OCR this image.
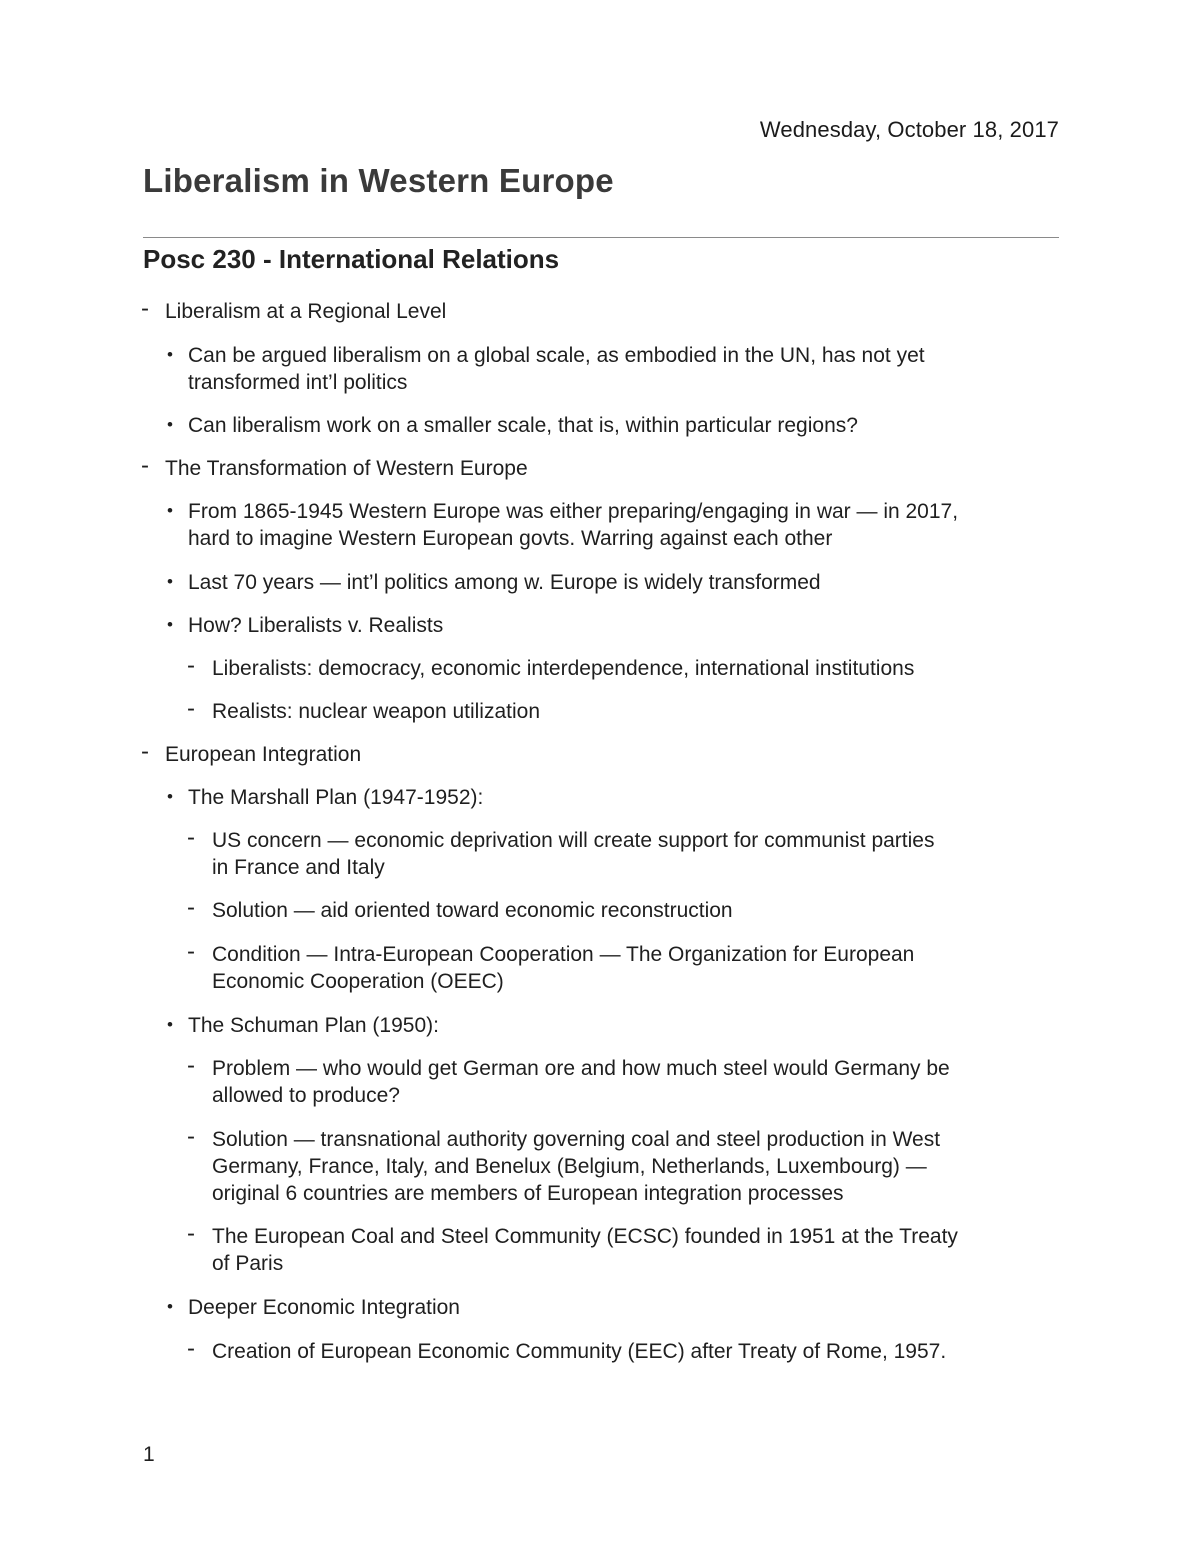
Wednesday, October 18, 2017
Liberalism in Western Europe
Posc 230 - International Relations
- Liberalism at a Regional Level
• Can be argued liberalism on a global scale, as embodied in the UN, has not yet
transformed int’l politics
• Can liberalism work on a smaller scale, that is, within particular regions?
- The Transformation of Western Europe
• From 1865-1945 Western Europe was either preparing/engaging in war — in 2017,
hard to imagine Western European govts. Warring against each other
• Last 70 years — int’l politics among w. Europe is widely transformed
• How? Liberalists v. Realists
- Liberalists: democracy, economic interdependence, international institutions
- Realists: nuclear weapon utilization
- European Integration
• The Marshall Plan (1947-1952):
- US concern — economic deprivation will create support for communist parties
in France and Italy
- Solution — aid oriented toward economic reconstruction
- Condition — Intra-European Cooperation — The Organization for European
Economic Cooperation (OEEC)
• The Schuman Plan (1950):
- Problem — who would get German ore and how much steel would Germany be
allowed to produce?
- Solution — transnational authority governing coal and steel production in West
Germany, France, Italy, and Benelux (Belgium, Netherlands, Luxembourg) —
original 6 countries are members of European integration processes
- The European Coal and Steel Community (ECSC) founded in 1951 at the Treaty
of Paris
• Deeper Economic Integration
- Creation of European Economic Community (EEC) after Treaty of Rome, 1957.
1
